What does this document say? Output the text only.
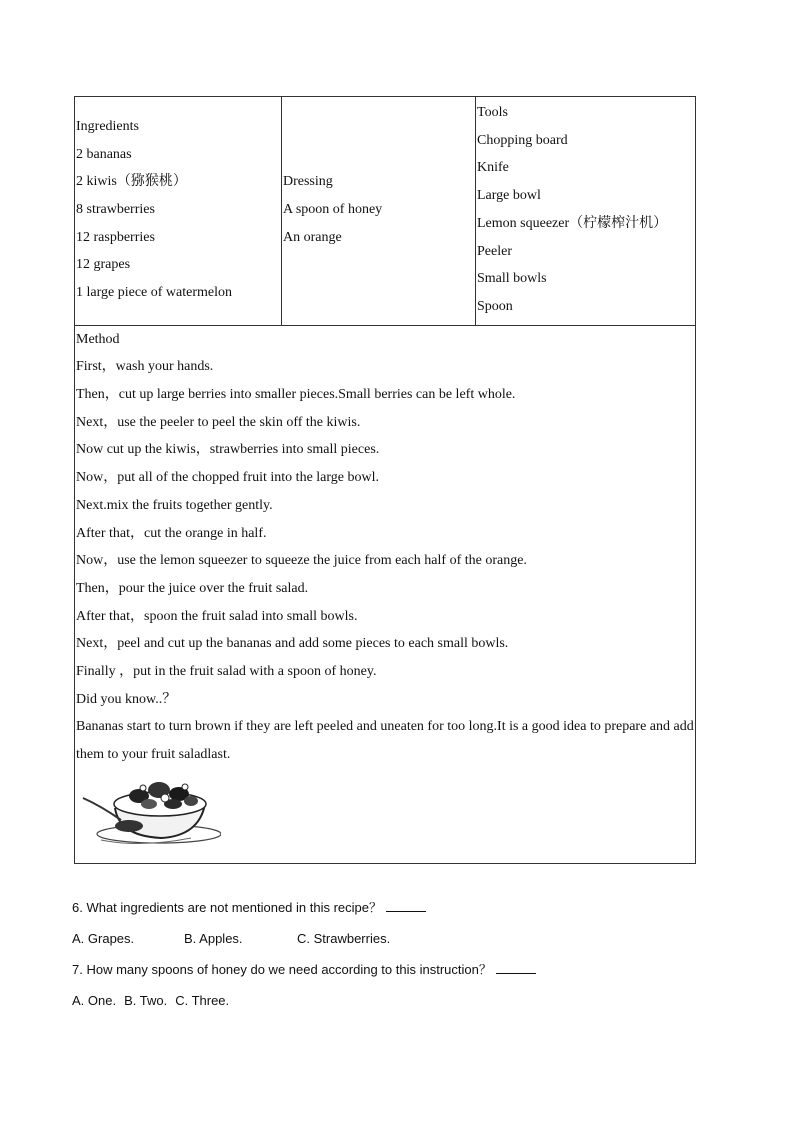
Ingredients
2 bananas
2 kiwis（猕猴桃）
8 strawberries
12 raspberries
12 grapes
1 large piece of watermelon

Dressing
A spoon of honey
An orange

Tools
Chopping board
Knife
Large bowl
Lemon squeezer（柠檬榨汁机）
Peeler
Small bowls
Spoon

Method
First，wash your hands.
Then，cut up large berries into smaller pieces.Small berries can be left whole.
Next，use the peeler to peel the skin off the kiwis.
Now cut up the kiwis，strawberries into small pieces.
Now，put all of the chopped fruit into the large bowl.
Next.mix the fruits together gently.
After that，cut the orange in half.
Now，use the lemon squeezer to squeeze the juice from each half of the orange.
Then，pour the juice over the fruit salad.
After that，spoon the fruit salad into small bowls.
Next，peel and cut up the bananas and add some pieces to each small bowls.
Finally ，put in the fruit salad with a spoon of honey.
Did you know..？
Bananas start to turn brown if they are left peeled and uneaten for too long.It is a good idea to prepare and add them to your fruit saladlast.
6. What ingredients are not mentioned in this recipe？
A. Grapes.	B. Apples.	C. Strawberries.
7. How many spoons of honey do we need according to this instruction？
A. One. B. Two. C. Three.
